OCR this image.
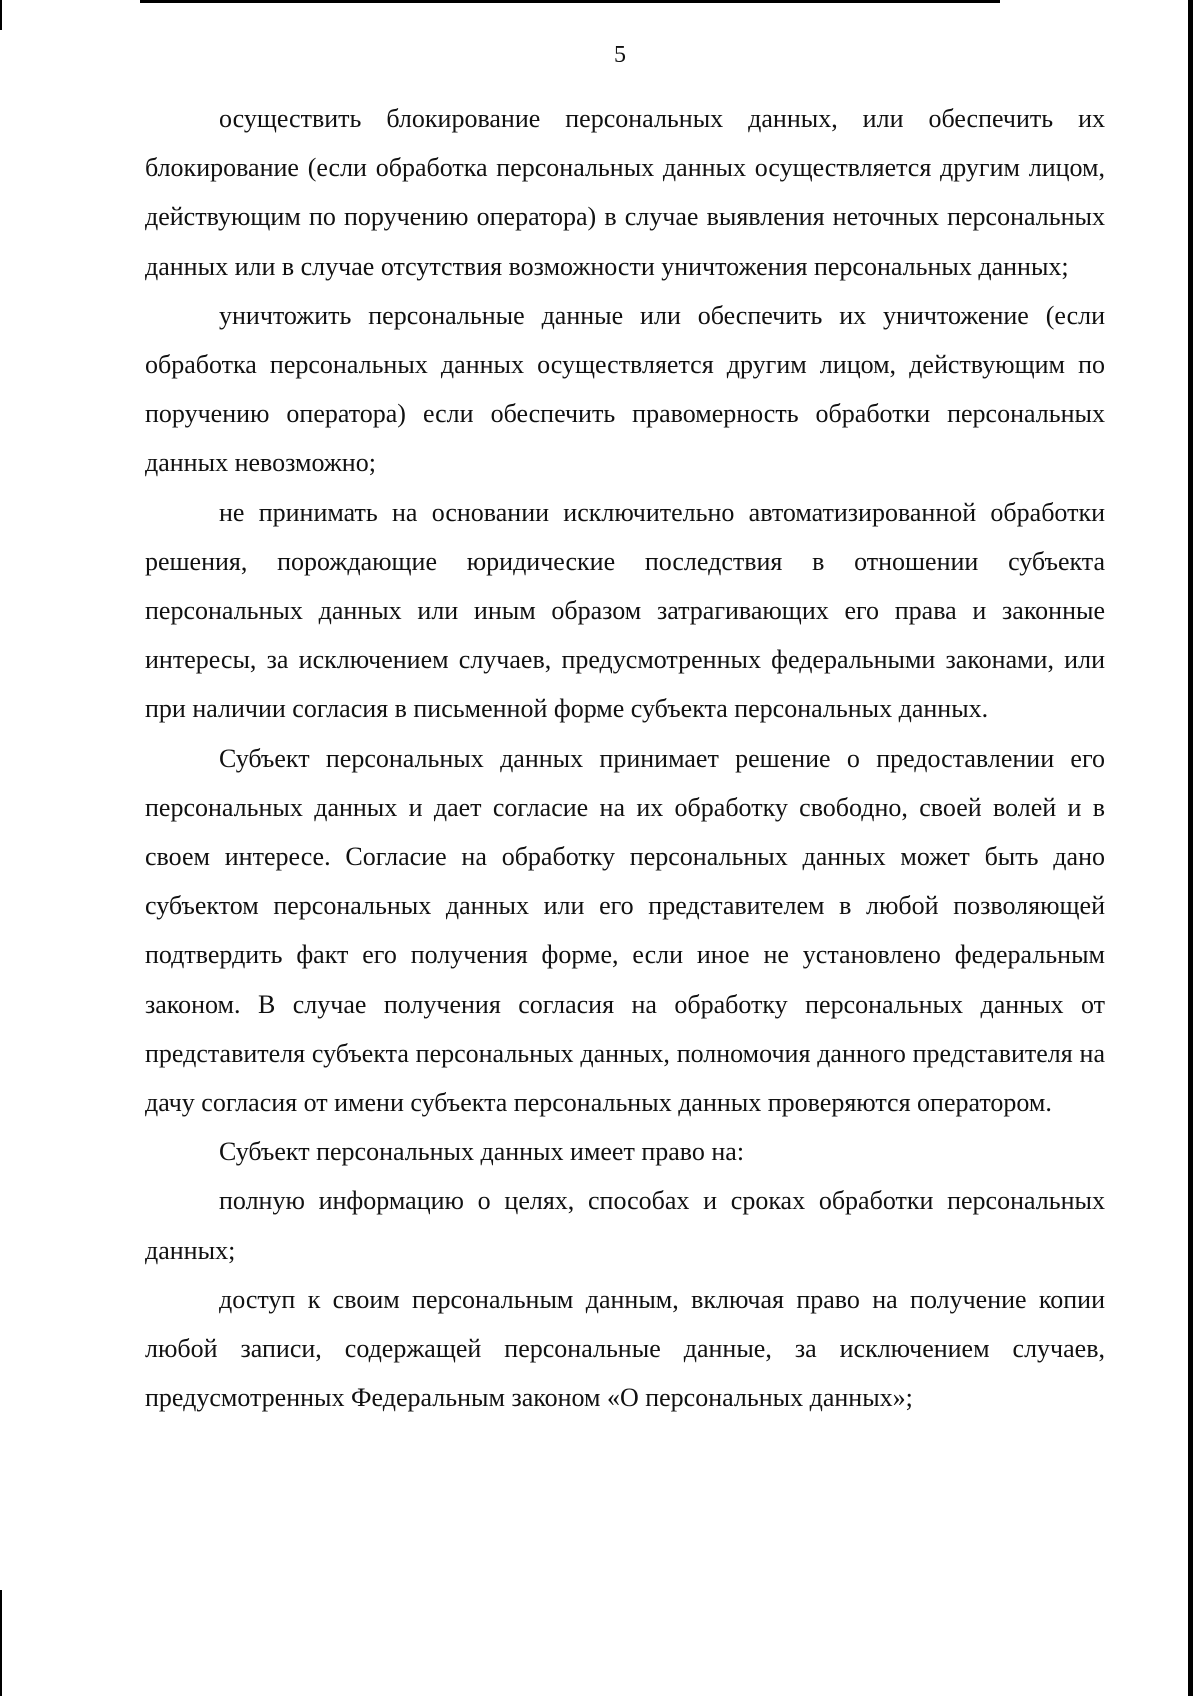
5

осуществить блокирование персональных данных, или обеспечить их блокирование (если обработка персональных данных осуществляется другим лицом, действующим по поручению оператора) в случае выявления неточных персональных данных или в случае отсутствия возможности уничтожения персональных данных;

уничтожить персональные данные или обеспечить их уничтожение (если обработка персональных данных осуществляется другим лицом, действующим по поручению оператора) если обеспечить правомерность обработки персональных данных невозможно;

не принимать на основании исключительно автоматизированной обработки решения, порождающие юридические последствия в отношении субъекта персональных данных или иным образом затрагивающих его права и законные интересы, за исключением случаев, предусмотренных федеральными законами, или при наличии согласия в письменной форме субъекта персональных данных.

Субъект персональных данных принимает решение о предоставлении его персональных данных и дает согласие на их обработку свободно, своей волей и в своем интересе. Согласие на обработку персональных данных может быть дано субъектом персональных данных или его представителем в любой позволяющей подтвердить факт его получения форме, если иное не установлено федеральным законом. В случае получения согласия на обработку персональных данных от представителя субъекта персональных данных, полномочия данного представителя на дачу согласия от имени субъекта персональных данных проверяются оператором.

Субъект персональных данных имеет право на:

полную информацию о целях, способах и сроках обработки персональных данных;

доступ к своим персональным данным, включая право на получение копии любой записи, содержащей персональные данные, за исключением случаев, предусмотренных Федеральным законом «О персональных данных»;
